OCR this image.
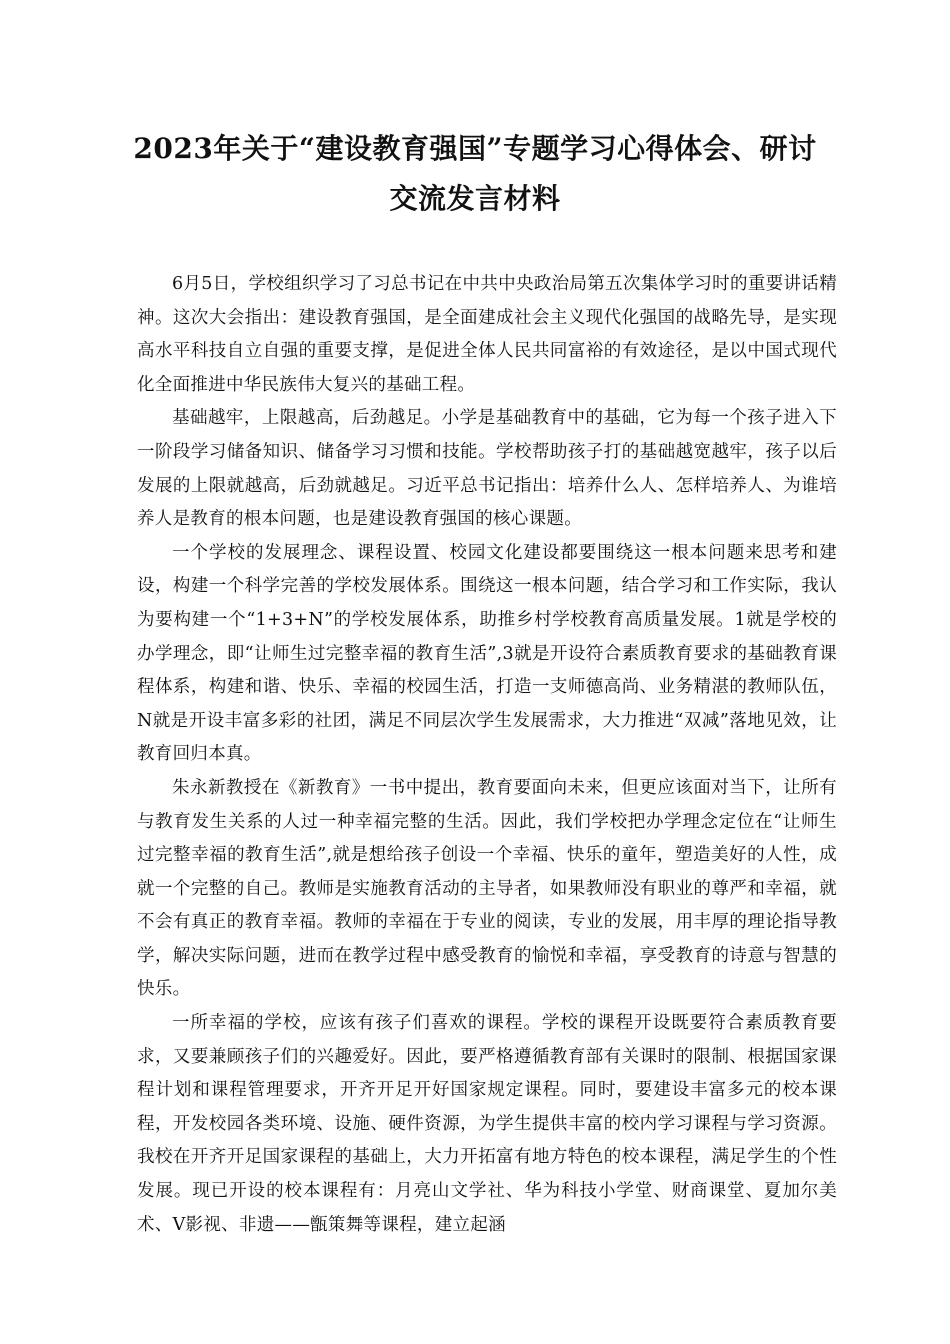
2023年关于“建设教育强国”专题学习心得体会、研讨
交流发言材料

6月5日，学校组织学习了习总书记在中共中央政治局第五次集体学习时的重要讲话精神。这次大会指出：建设教育强国，是全面建成社会主义现代化强国的战略先导，是实现高水平科技自立自强的重要支撑，是促进全体人民共同富裕的有效途径，是以中国式现代化全面推进中华民族伟大复兴的基础工程。

基础越牢，上限越高，后劲越足。小学是基础教育中的基础，它为每一个孩子进入下一阶段学习储备知识、储备学习习惯和技能。学校帮助孩子打的基础越宽越牢，孩子以后发展的上限就越高，后劲就越足。习近平总书记指出：培养什么人、怎样培养人、为谁培养人是教育的根本问题，也是建设教育强国的核心课题。

一个学校的发展理念、课程设置、校园文化建设都要围绕这一根本问题来思考和建设，构建一个科学完善的学校发展体系。围绕这一根本问题，结合学习和工作实际，我认为要构建一个“1+3+N”的学校发展体系，助推乡村学校教育高质量发展。1就是学校的办学理念，即“让师生过完整幸福的教育生活”,3就是开设符合素质教育要求的基础教育课程体系，构建和谐、快乐、幸福的校园生活，打造一支师德高尚、业务精湛的教师队伍，N就是开设丰富多彩的社团，满足不同层次学生发展需求，大力推进“双减”落地见效，让教育回归本真。

朱永新教授在《新教育》一书中提出，教育要面向未来，但更应该面对当下，让所有与教育发生关系的人过一种幸福完整的生活。因此，我们学校把办学理念定位在“让师生过完整幸福的教育生活”,就是想给孩子创设一个幸福、快乐的童年，塑造美好的人性，成就一个完整的自己。教师是实施教育活动的主导者，如果教师没有职业的尊严和幸福，就不会有真正的教育幸福。教师的幸福在于专业的阅读，专业的发展，用丰厚的理论指导教学，解决实际问题，进而在教学过程中感受教育的愉悦和幸福，享受教育的诗意与智慧的快乐。

一所幸福的学校，应该有孩子们喜欢的课程。学校的课程开设既要符合素质教育要求，又要兼顾孩子们的兴趣爱好。因此，要严格遵循教育部有关课时的限制、根据国家课程计划和课程管理要求，开齐开足开好国家规定课程。同时，要建设丰富多元的校本课程，开发校园各类环境、设施、硬件资源，为学生提供丰富的校内学习课程与学习资源。我校在开齐开足国家课程的基础上，大力开拓富有地方特色的校本课程，满足学生的个性发展。现已开设的校本课程有：月亮山文学社、华为科技小学堂、财商课堂、夏加尔美术、V影视、非遗——甑策舞等课程，建立起涵
